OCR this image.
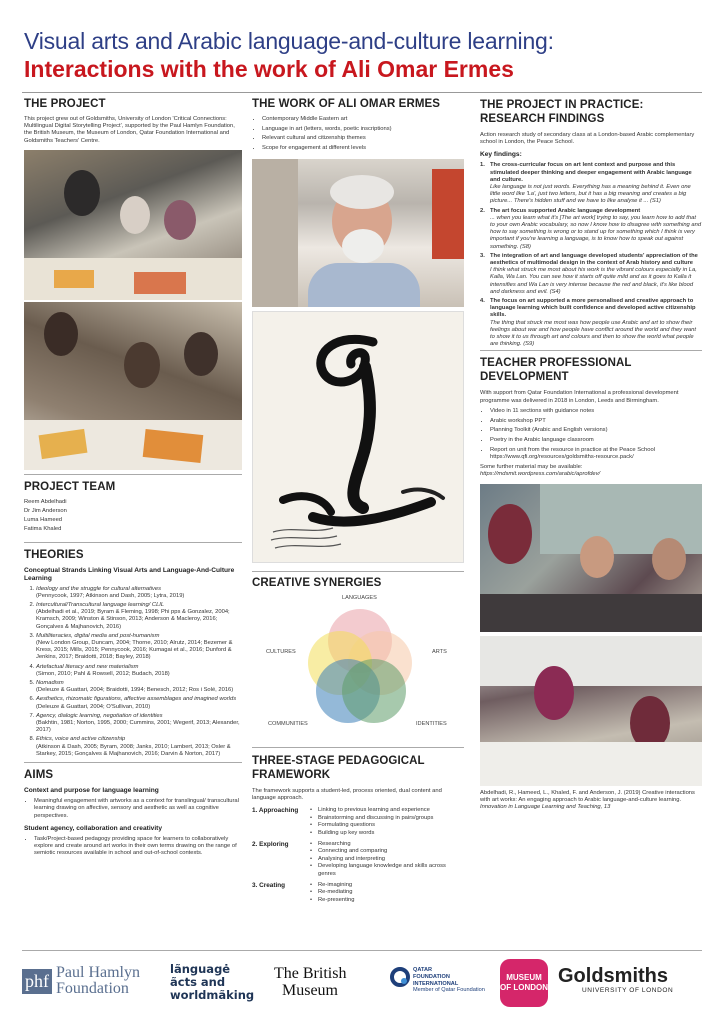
Visual arts and Arabic language-and-culture learning:
Interactions with the work of Ali Omar Ermes
THE PROJECT

This project grew out of Goldsmiths, University of London 'Critical Connections: Multilingual Digital Storytelling Project', supported by the Paul Hamlyn Foundation, the British Museum, the Museum of London, Qatar Foundation International and Goldsmiths Teachers' Centre.

PROJECT TEAM

Reem Abdelhadi

Dr Jim Anderson

Luma Hameed

Fatima Khaled

THEORIES
Conceptual Strands Linking Visual Arts and Language-And-Culture Learning
1. Ideology and the struggle for cultural alternatives
(Pennycook, 1997; Atkinson and Dash, 2005; Lytra, 2019)
2. Intercultural/Transcultural language learning/ CLIL
(Abdelhadi et al., 2019; Byram & Fleming, 1998; Phi pps & Gonzalez, 2004; Kramsch, 2009; Winston & Stinson, 2013; Anderson & Macleroy, 2016; Gonçalves & Majhanovich, 2016)
3. Multiliteracies, digital media and post-humanism
(New London Group, Duncam, 2004; Thorne, 2010; Alrutz, 2014; Bezemer & Kress, 2015; Mills, 2015; Pennycook, 2016; Kumagai et al., 2016; Dunford & Jenkins, 2017; Braidotti, 2018; Bayley, 2018)
4. Artefactual literacy and new materialism
(Simon, 2010; Pahl & Rowsell, 2012; Budach, 2018)
5. Nomadism
(Deleuze & Guattari, 2004; Braidotti, 1994; Benesch, 2012; Ros i Solé, 2016)
6. Aesthetics, rhizomatic figurations, affective assemblages and imagined worlds
(Deleuze & Guattari, 2004; O'Sullivan, 2010)
7. Agency, dialogic learning, negotiation of identities
(Bakhtin, 1981; Norton, 1995, 2000; Cummins, 2001; Wegerif, 2013; Alexander, 2017)
8. Ethics, voice and active citizenship
(Atkinson & Dash, 2005; Byram, 2008; Janks, 2010; Lambert, 2013; Osler & Starkey, 2015; Gonçalves & Majhanovich, 2016; Darvin & Norton, 2017)
AIMS
Context and purpose for language learning
• Meaningful engagement with artworks as a context for translingual/ transcultural learning drawing on affective, sensory and aesthetic as well as cognitive perspectives.
Student agency, collaboration and creativity
• Task/Project-based pedagogy providing space for learners to collaboratively explore and create around art works in their own terms drawing on the range of semiotic resources available in school and out-of-school contexts.
THE WORK OF ALI OMAR ERMES
• Contemporary Middle Eastern art
• Language in art (letters, words, poetic inscriptions)
• Relevant cultural and citizenship themes
• Scope for engagement at different levels
CREATIVE SYNERGIES
LANGUAGES
CULTURES	ARTS
COMMUNITIES	IDENTITIES
THREE-STAGE PEDAGOGICAL FRAMEWORK

The framework supports a student-led, process oriented, dual content and language approach.

1. Approaching	• Linking to previous learning and experience
• Brainstorming and discussing in pairs/groups
• Formulating questions
• Building up key words
2. Exploring	• Researching
• Connecting and comparing
• Analysing and interpreting
• Developing language knowledge and skills across genres
3. Creating	• Re-imagining
• Re-mediating
• Re-presenting
THE PROJECT IN PRACTICE: RESEARCH FINDINGS

Action research study of secondary class at a London-based Arabic complementary school in London, the Peace School.

Key findings:
1. The cross-curricular focus on art lent context and purpose and this stimulated deeper thinking and deeper engagement with Arabic language and culture.
Like language is not just words. Everything has a meaning behind it. Even one little word like 'La', just two letters, but it has a big meaning and creates a big picture... There's hidden stuff and we have to like analyse it ... (S1)
2. The art focus supported Arabic language development
... when you learn what it's [The art work] trying to say, you learn how to add that to your own Arabic vocabulary, so now I know how to disagree with something and how to say something is wrong or to stand up for something which I think is very important if you're learning a language, is to know how to speak out against something. (S8)
3. The integration of art and language developed students' appreciation of the aesthetics of multimodal design in the context of Arab history and culture
I think what struck me most about his work is the vibrant colours especially in La, Kalla, Wa Lan. You can see how it starts off quite mild and as it goes to Kalla it intensifies and Wa Lan is very intense because the red and black, it's like blood and darkness and evil. (S4)
4. The focus on art supported a more personalised and creative approach to language learning which built confidence and developed active citizenship skills.
The thing that struck me most was how people use Arabic and art to show their feelings about war and how people have conflict around the world and they want to show it to us through art and colours and then to show the world what people are thinking. (S9)
TEACHER PROFESSIONAL DEVELOPMENT

With support from Qatar Foundation International a professional development programme was delivered in 2018 in London, Leeds and Birmingham.

• Video in 11 sections with guidance notes
• Arabic workshop PPT
• Planning Toolkit (Arabic and English versions)
• Poetry in the Arabic language classroom
• Report on unit from the resource in practice at the Peace School https://www.qfi.org/resources/goldsmiths-resource.pack/

Some further material may be available:

https://mdsmit.wordpress.com/arabic/aprofdev/

Abdelhadi, R., Hameed, L., Khaled, F. and Anderson, J. (2019) Creative interactions with art works: An engaging approach to Arabic language-and-culture learning. Innovation in Language Learning and Teaching, 13

phf Paul Hamlyn
Foundation
lãnguagė
ãcts and
worldmãking
The British
Museum
QATAR
FOUNDATION
INTERNATIONAL
Member of Qatar Foundation
MUSEUM
OF LONDON
Goldsmiths
UNIVERSITY OF LONDON
